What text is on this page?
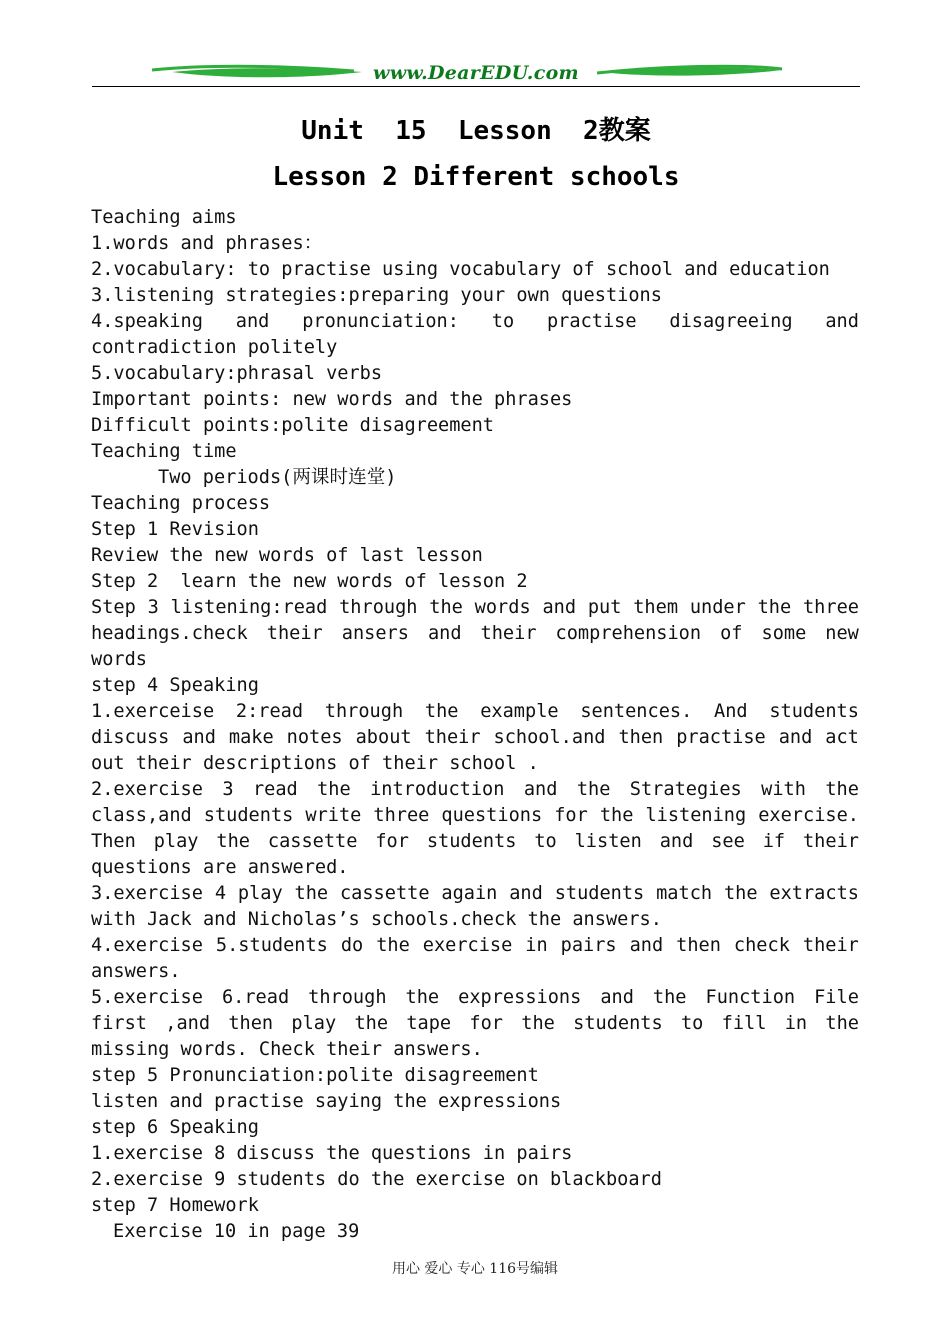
www.DearEDU.com
Unit  15  Lesson  2教案
Lesson 2 Different schools
Teaching aims
1.words and phrases：
2.vocabulary: to practise using vocabulary of school and education
3.listening strategies:preparing your own questions
4.speaking and pronunciation: to practise disagreeing and
contradiction politely
5.vocabulary:phrasal verbs
Important points: new words and the phrases
Difficult points:polite disagreement
Teaching time
Two periods(两课时连堂)
Teaching process
Step 1 Revision
Review the new words of last lesson
Step 2  learn the new words of lesson 2
Step 3 listening:read through the words and put them under the three
headings.check their ansers and their comprehension of some new
words
step 4 Speaking
1.exerceise 2:read through the example sentences. And students
discuss and make notes about their school.and then practise and act
out their descriptions of their school .
2.exercise 3 read the introduction and the Strategies with the
class,and students write three questions for the listening exercise.
Then play the cassette for students to listen and see if their
questions are answered.
3.exercise 4 play the cassette again and students match the extracts
with Jack and Nicholas’s schools.check the answers.
4.exercise 5.students do the exercise in pairs and then check their
answers.
5.exercise 6.read through the expressions and the Function File
first ,and then play the tape for the students to fill in the
missing words. Check their answers.
step 5 Pronunciation:polite disagreement
listen and practise saying the expressions
step 6 Speaking
1.exercise 8 discuss the questions in pairs
2.exercise 9 students do the exercise on blackboard
step 7 Homework
Exercise 10 in page 39
用心 爱心 专心 116号编辑
